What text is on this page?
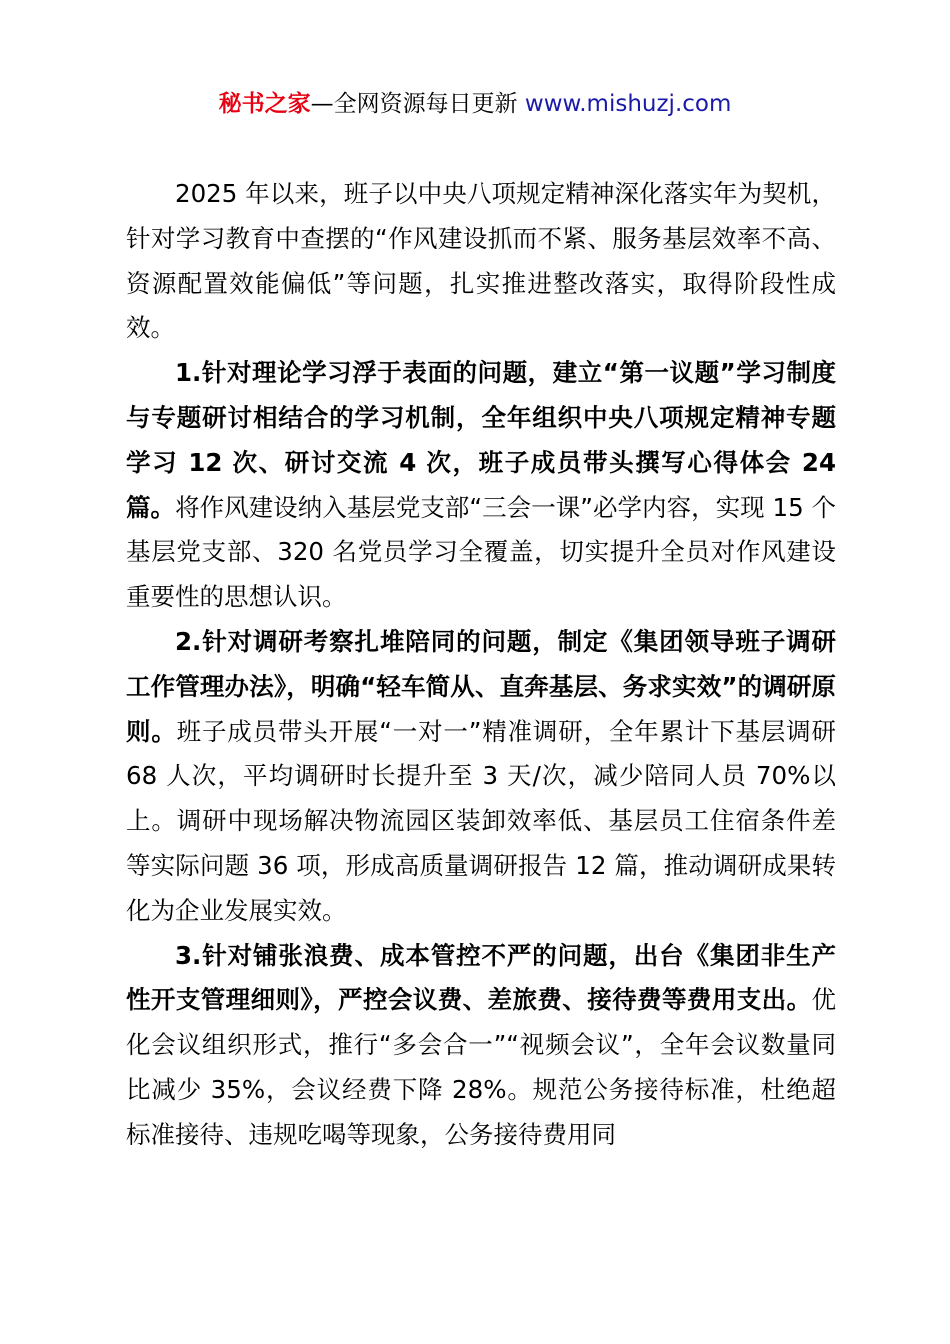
秘书之家—全网资源每日更新 www.mishuzj.com

2025 年以来，班子以中央八项规定精神深化落实年为契机，针对学习教育中查摆的“作风建设抓而不紧、服务基层效率不高、资源配置效能偏低”等问题，扎实推进整改落实，取得阶段性成效。

1.针对理论学习浮于表面的问题，建立“第一议题”学习制度与专题研讨相结合的学习机制，全年组织中央八项规定精神专题学习 12 次、研讨交流 4 次，班子成员带头撰写心得体会 24 篇。将作风建设纳入基层党支部“三会一课”必学内容，实现 15 个基层党支部、320 名党员学习全覆盖，切实提升全员对作风建设重要性的思想认识。

2.针对调研考察扎堆陪同的问题，制定《集团领导班子调研工作管理办法》，明确“轻车简从、直奔基层、务求实效”的调研原则。班子成员带头开展“一对一”精准调研，全年累计下基层调研 68 人次，平均调研时长提升至 3 天/次，减少陪同人员 70%以上。调研中现场解决物流园区装卸效率低、基层员工住宿条件差等实际问题 36 项，形成高质量调研报告 12 篇，推动调研成果转化为企业发展实效。

3.针对铺张浪费、成本管控不严的问题，出台《集团非生产性开支管理细则》，严控会议费、差旅费、接待费等费用支出。优化会议组织形式，推行“多会合一”“视频会议”，全年会议数量同比减少 35%，会议经费下降 28%。规范公务接待标准，杜绝超标准接待、违规吃喝等现象，公务接待费用同
